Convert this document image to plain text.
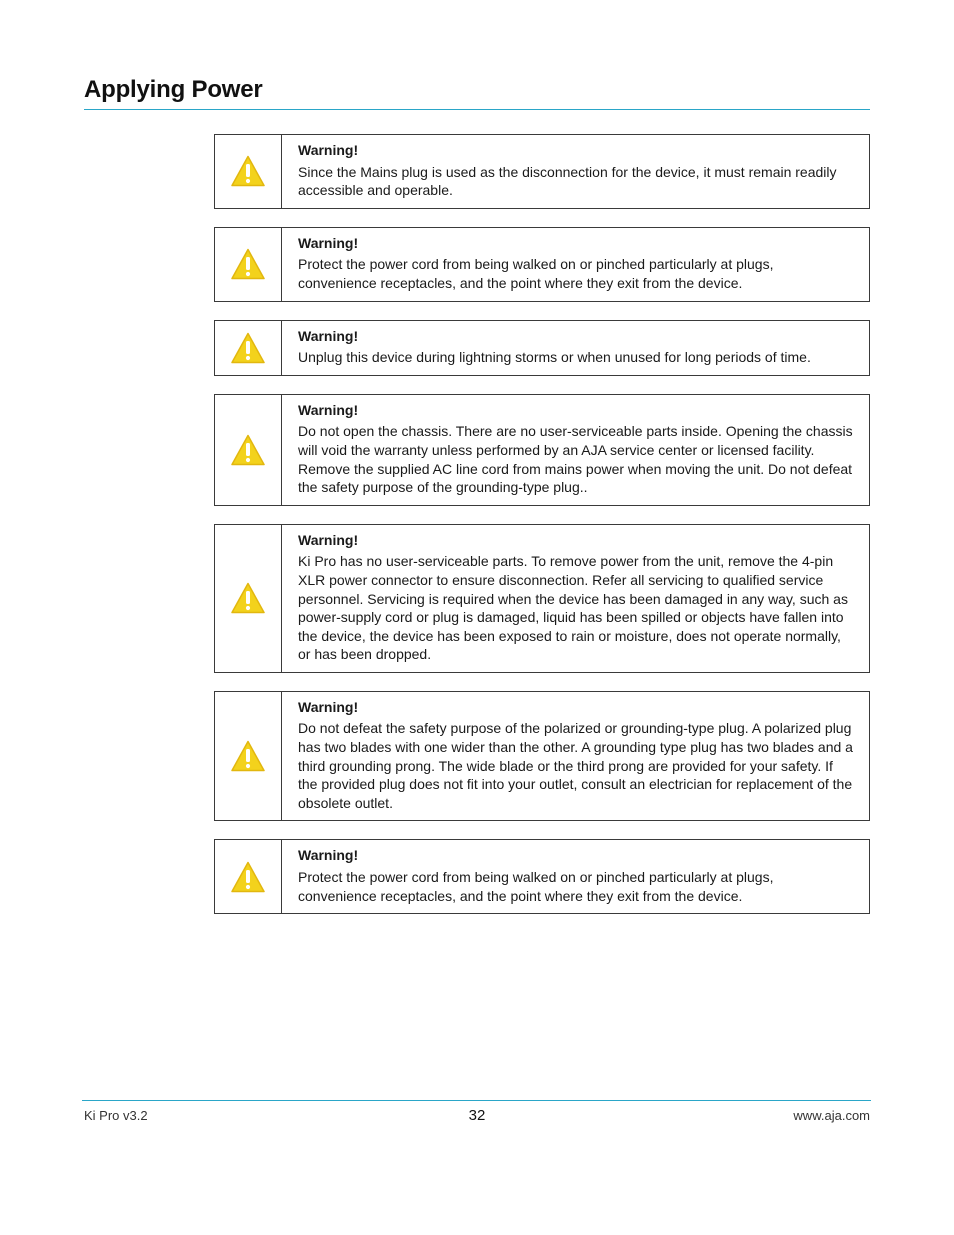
Applying Power

Warning!

Since the Mains plug is used as the disconnection for the device, it must remain readily accessible and operable.

Warning!

Protect the power cord from being walked on or pinched particularly at plugs, convenience receptacles, and the point where they exit from the device.

Warning!

Unplug this device during lightning storms or when unused for long periods of time.

Warning!

Do not open the chassis. There are no user-serviceable parts inside. Opening the chassis will void the warranty unless performed by an AJA service center or licensed facility. Remove the supplied AC line cord from mains power when moving the unit. Do not defeat the safety purpose of the grounding-type plug..

Warning!

Ki Pro has no user-serviceable parts. To remove power from the unit, remove the 4-pin XLR power connector to ensure disconnection. Refer all servicing to qualified service personnel. Servicing is required when the device has been damaged in any way, such as power-supply cord or plug is damaged, liquid has been spilled or objects have fallen into the device, the device has been exposed to rain or moisture, does not operate normally, or has been dropped.

Warning!

Do not defeat the safety purpose of the polarized or grounding-type plug. A polarized plug has two blades with one wider than the other. A grounding type plug has two blades and a third grounding prong. The wide blade or the third prong are provided for your safety. If the provided plug does not fit into your outlet, consult an electrician for replacement of the obsolete outlet.

Warning!

Protect the power cord from being walked on or pinched particularly at plugs, convenience receptacles, and the point where they exit from the device.

Ki Pro v3.2	32	www.aja.com
